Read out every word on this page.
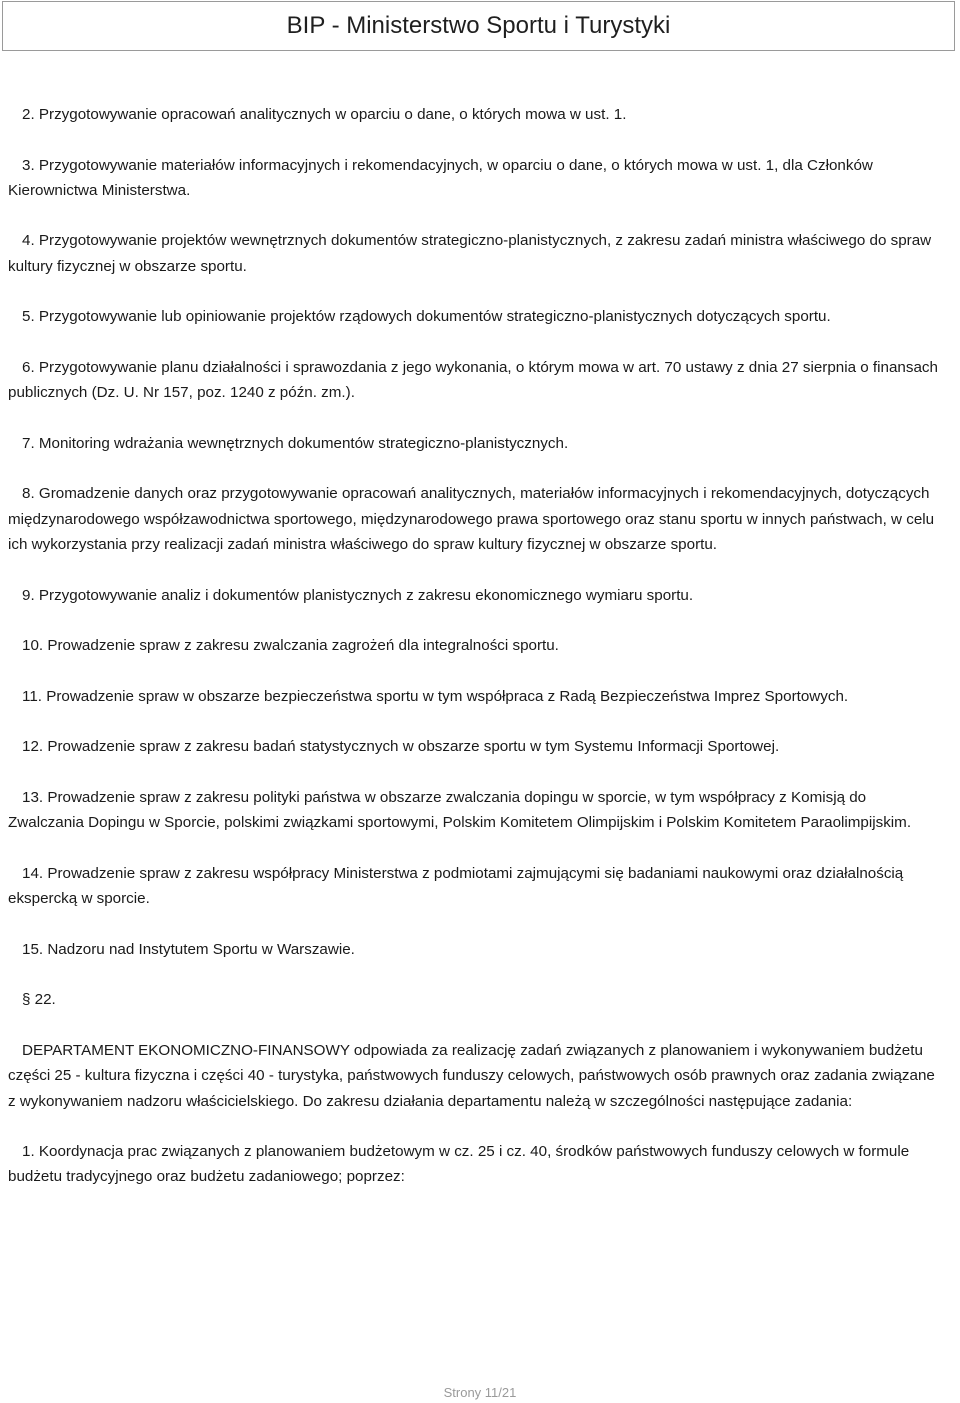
BIP - Ministerstwo Sportu i Turystyki

2. Przygotowywanie opracowań analitycznych w oparciu o dane, o których mowa w ust. 1.

3. Przygotowywanie materiałów informacyjnych i rekomendacyjnych, w oparciu o dane, o których mowa w ust. 1, dla Członków Kierownictwa Ministerstwa.

4. Przygotowywanie projektów wewnętrznych dokumentów strategiczno-planistycznych, z zakresu zadań ministra właściwego do spraw kultury fizycznej w obszarze sportu.

5. Przygotowywanie lub opiniowanie projektów rządowych dokumentów strategiczno-planistycznych dotyczących sportu.

6. Przygotowywanie planu działalności i sprawozdania z jego wykonania, o którym mowa w art. 70 ustawy z dnia 27 sierpnia o finansach publicznych (Dz. U. Nr 157, poz. 1240 z późn. zm.).

7. Monitoring wdrażania wewnętrznych dokumentów strategiczno-planistycznych.

8. Gromadzenie danych oraz przygotowywanie opracowań analitycznych, materiałów informacyjnych i rekomendacyjnych, dotyczących międzynarodowego współzawodnictwa sportowego, międzynarodowego prawa sportowego oraz stanu sportu w innych państwach, w celu ich wykorzystania przy realizacji zadań ministra właściwego do spraw kultury fizycznej w obszarze sportu.

9. Przygotowywanie analiz i dokumentów planistycznych z zakresu ekonomicznego wymiaru sportu.

10. Prowadzenie spraw z zakresu zwalczania zagrożeń dla integralności sportu.

11. Prowadzenie spraw w obszarze bezpieczeństwa sportu w tym współpraca z Radą Bezpieczeństwa Imprez Sportowych.

12. Prowadzenie spraw z zakresu badań statystycznych w obszarze sportu w tym Systemu Informacji Sportowej.

13. Prowadzenie spraw z zakresu polityki państwa w obszarze zwalczania dopingu w sporcie, w tym współpracy z Komisją do Zwalczania Dopingu w Sporcie, polskimi związkami sportowymi, Polskim Komitetem Olimpijskim i Polskim Komitetem Paraolimpijskim.

14. Prowadzenie spraw z zakresu współpracy Ministerstwa z podmiotami zajmującymi się badaniami naukowymi oraz działalnością ekspercką w sporcie.

15. Nadzoru nad Instytutem Sportu w Warszawie.

§ 22.

DEPARTAMENT EKONOMICZNO-FINANSOWY odpowiada za realizację zadań związanych z planowaniem i wykonywaniem budżetu części 25 - kultura fizyczna i części 40 - turystyka, państwowych funduszy celowych, państwowych osób prawnych oraz zadania związane z wykonywaniem nadzoru właścicielskiego. Do zakresu działania departamentu należą w szczególności następujące zadania:

1. Koordynacja prac związanych z planowaniem budżetowym w cz. 25 i cz. 40, środków państwowych funduszy celowych w formule budżetu tradycyjnego oraz budżetu zadaniowego; poprzez:

Strony 11/21
